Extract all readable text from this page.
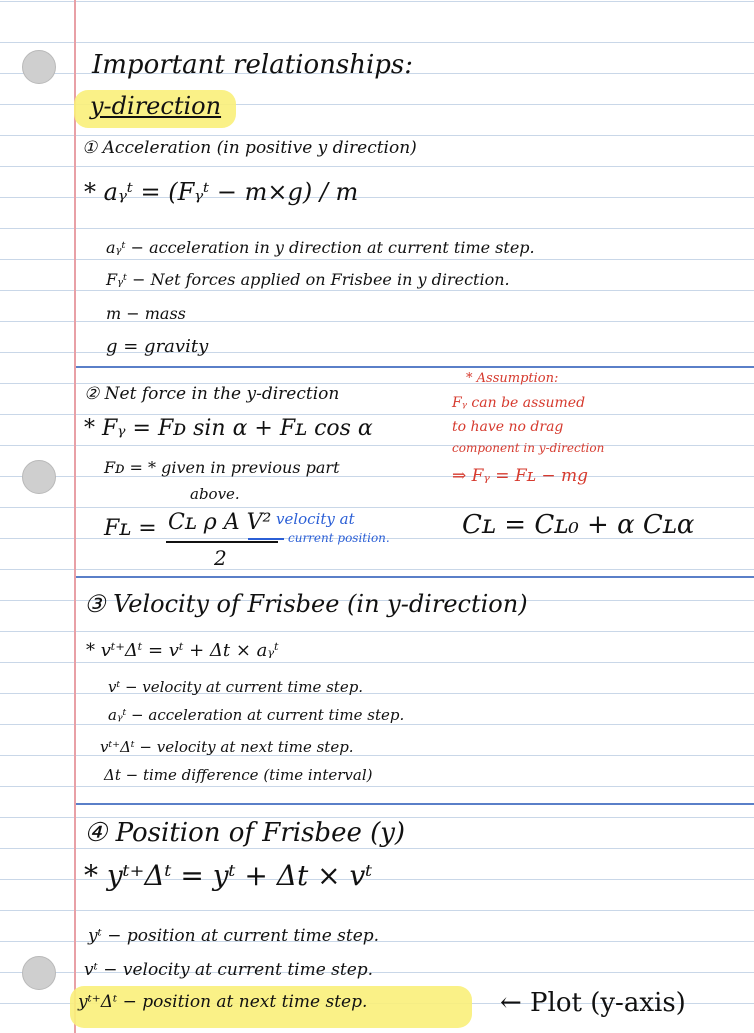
Important relationships:
y-direction
① Acceleration (in positive y direction)
* aᵧᵗ = (Fᵧᵗ − m×g) / m
aᵧᵗ − acceleration in y direction at current time step.
Fᵧᵗ − Net forces applied on Frisbee in y direction.
m − mass
g = gravity
② Net force in the y-direction
* Fᵧ = Fᴅ sin α + Fʟ cos α
Fᴅ = * given in previous part
above.
Fʟ = Cʟ ρ A V²
2
velocity at
current position.
* Assumption:
Fᵧ can be assumed
to have no drag
component in y-direction
⇒ Fᵧ = Fʟ − mg
Cʟ = Cʟ₀ + α Cʟα
③ Velocity of Frisbee (in y-direction)
* vᵗ⁺Δᵗ = vᵗ + Δt × aᵧᵗ
vᵗ − velocity at current time step.
aᵧᵗ − acceleration at current time step.
vᵗ⁺Δᵗ − velocity at next time step.
Δt − time difference (time interval)
④ Position of Frisbee (y)
* yᵗ⁺Δᵗ = yᵗ + Δt × vᵗ
yᵗ − position at current time step.
vᵗ − velocity at current time step.
yᵗ⁺Δᵗ − position at next time step.	← Plot (y-axis)
